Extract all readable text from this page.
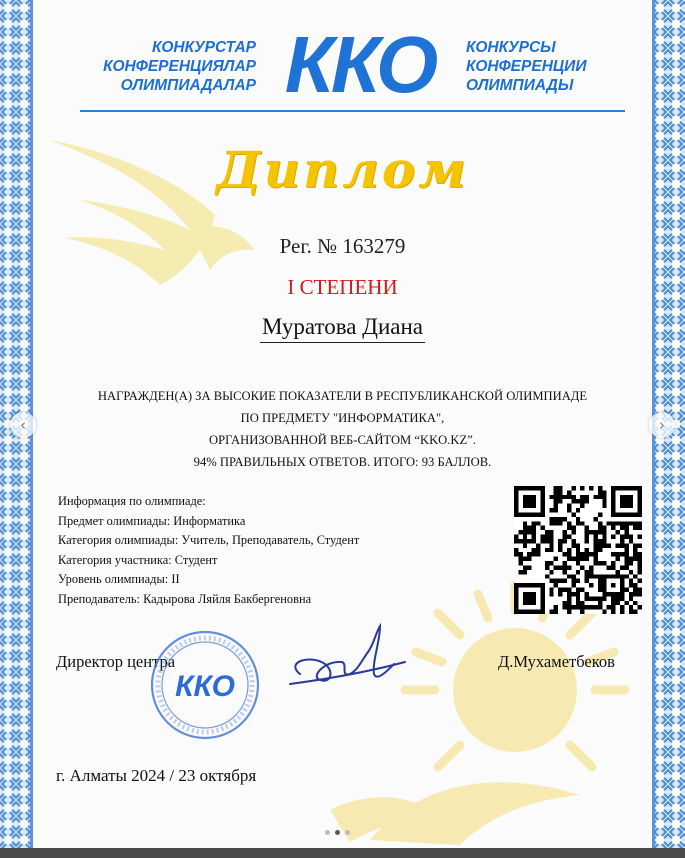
КОНКУРСТАР
КОНФЕРЕНЦИЯЛАР
ОЛИМПИАДАЛАР ККО	КОНКУРСЫ
КОНФЕРЕНЦИИ
ОЛИМПИАДЫ
Диплом
Рег. № 163279
I СТЕПЕНИ
Муратова Диана
НАГРАЖДЕН(А) ЗА ВЫСОКИЕ ПОКАЗАТЕЛИ В РЕСПУБЛИКАНСКОЙ ОЛИМПИАДЕ
ПО ПРЕДМЕТУ "ИНФОРМАТИКА",
ОРГАНИЗОВАННОЙ ВЕБ-САЙТОМ “KKO.KZ”.
94% ПРАВИЛЬНЫХ ОТВЕТОВ. ИТОГО: 93 БАЛЛОВ.
Информация по олимпиаде:
Предмет олимпиады: Информатика
Категория олимпиады: Учитель, Преподаватель, Студент
Категория участника: Студент
Уровень олимпиады: II
Преподаватель: Кадырова Ляйля Бакбергеновна
Директор центра
ККО
Д.Мухаметбеков
г. Алматы 2024 / 23 октября
‹	›
